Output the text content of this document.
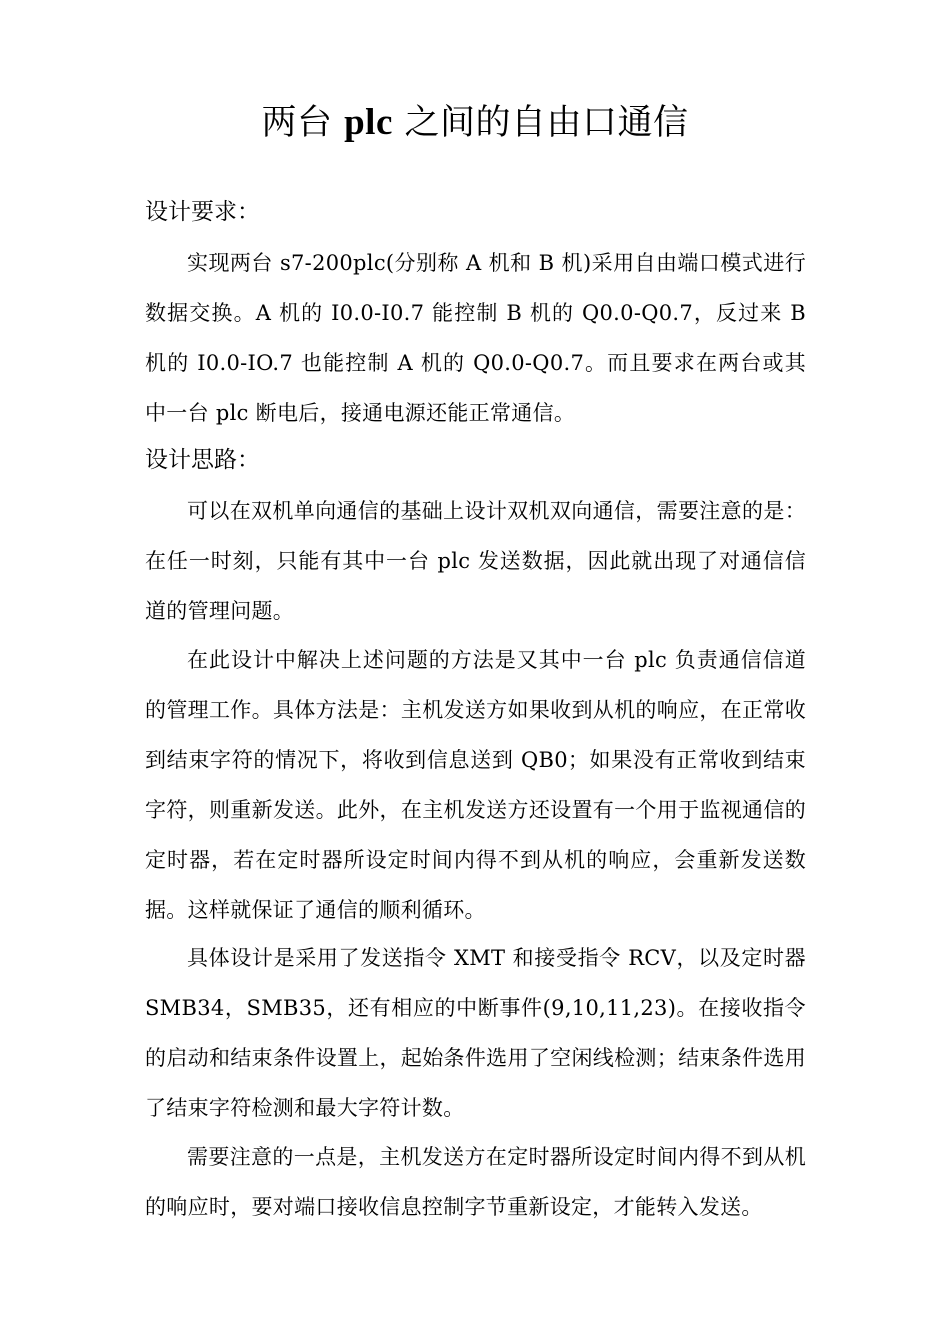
两台 plc 之间的自由口通信
设计要求：
实现两台 s7-200plc(分别称 A 机和 B 机)采用自由端口模式进行数据交换。A 机的 I0.0-I0.7 能控制 B 机的 Q0.0-Q0.7，反过来 B 机的 I0.0-IO.7 也能控制 A 机的 Q0.0-Q0.7。而且要求在两台或其中一台 plc 断电后，接通电源还能正常通信。
设计思路：
可以在双机单向通信的基础上设计双机双向通信，需要注意的是：在任一时刻，只能有其中一台 plc 发送数据，因此就出现了对通信信道的管理问题。
在此设计中解决上述问题的方法是又其中一台 plc 负责通信信道的管理工作。具体方法是：主机发送方如果收到从机的响应，在正常收到结束字符的情况下，将收到信息送到 QB0；如果没有正常收到结束字符，则重新发送。此外，在主机发送方还设置有一个用于监视通信的定时器，若在定时器所设定时间内得不到从机的响应，会重新发送数据。这样就保证了通信的顺利循环。
具体设计是采用了发送指令 XMT 和接受指令 RCV，以及定时器 SMB34，SMB35，还有相应的中断事件(9,10,11,23)。在接收指令的启动和结束条件设置上，起始条件选用了空闲线检测；结束条件选用了结束字符检测和最大字符计数。
需要注意的一点是，主机发送方在定时器所设定时间内得不到从机的响应时，要对端口接收信息控制字节重新设定，才能转入发送。
